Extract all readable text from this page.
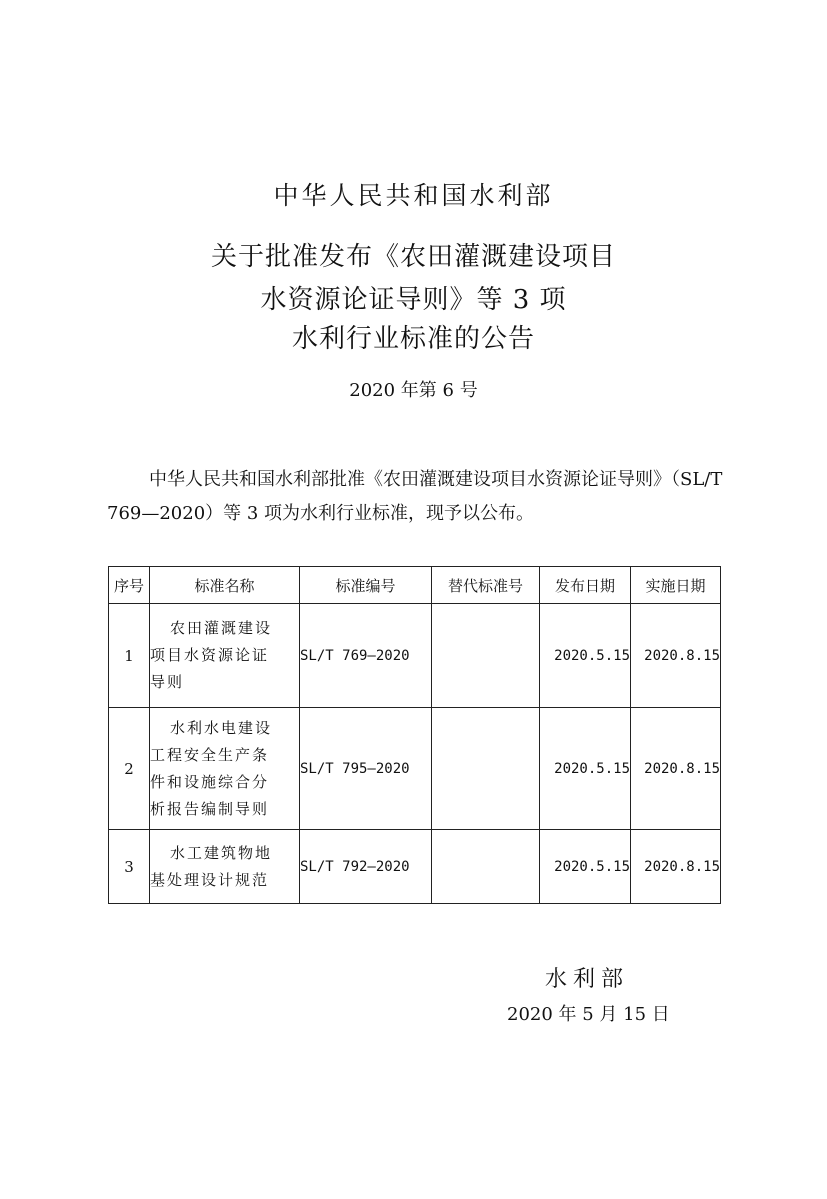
中华人民共和国水利部
关于批准发布《农田灌溉建设项目
水资源论证导则》等 3 项
水利行业标准的公告
2020 年第 6 号
中华人民共和国水利部批准《农田灌溉建设项目水资源论证导则》（SL/T 769—2020）等 3 项为水利行业标准，现予以公布。
序号	标准名称	标准编号	替代标准号	发布日期	实施日期
1	农田灌溉建设
项目水资源论证
导则	SL/T 769—2020		2020.5.15	2020.8.15
2	水利水电建设
工程安全生产条
件和设施综合分
析报告编制导则	SL/T 795—2020		2020.5.15	2020.8.15
3	水工建筑物地
基处理设计规范	SL/T 792—2020		2020.5.15	2020.8.15
水利部
2020 年 5 月 15 日
